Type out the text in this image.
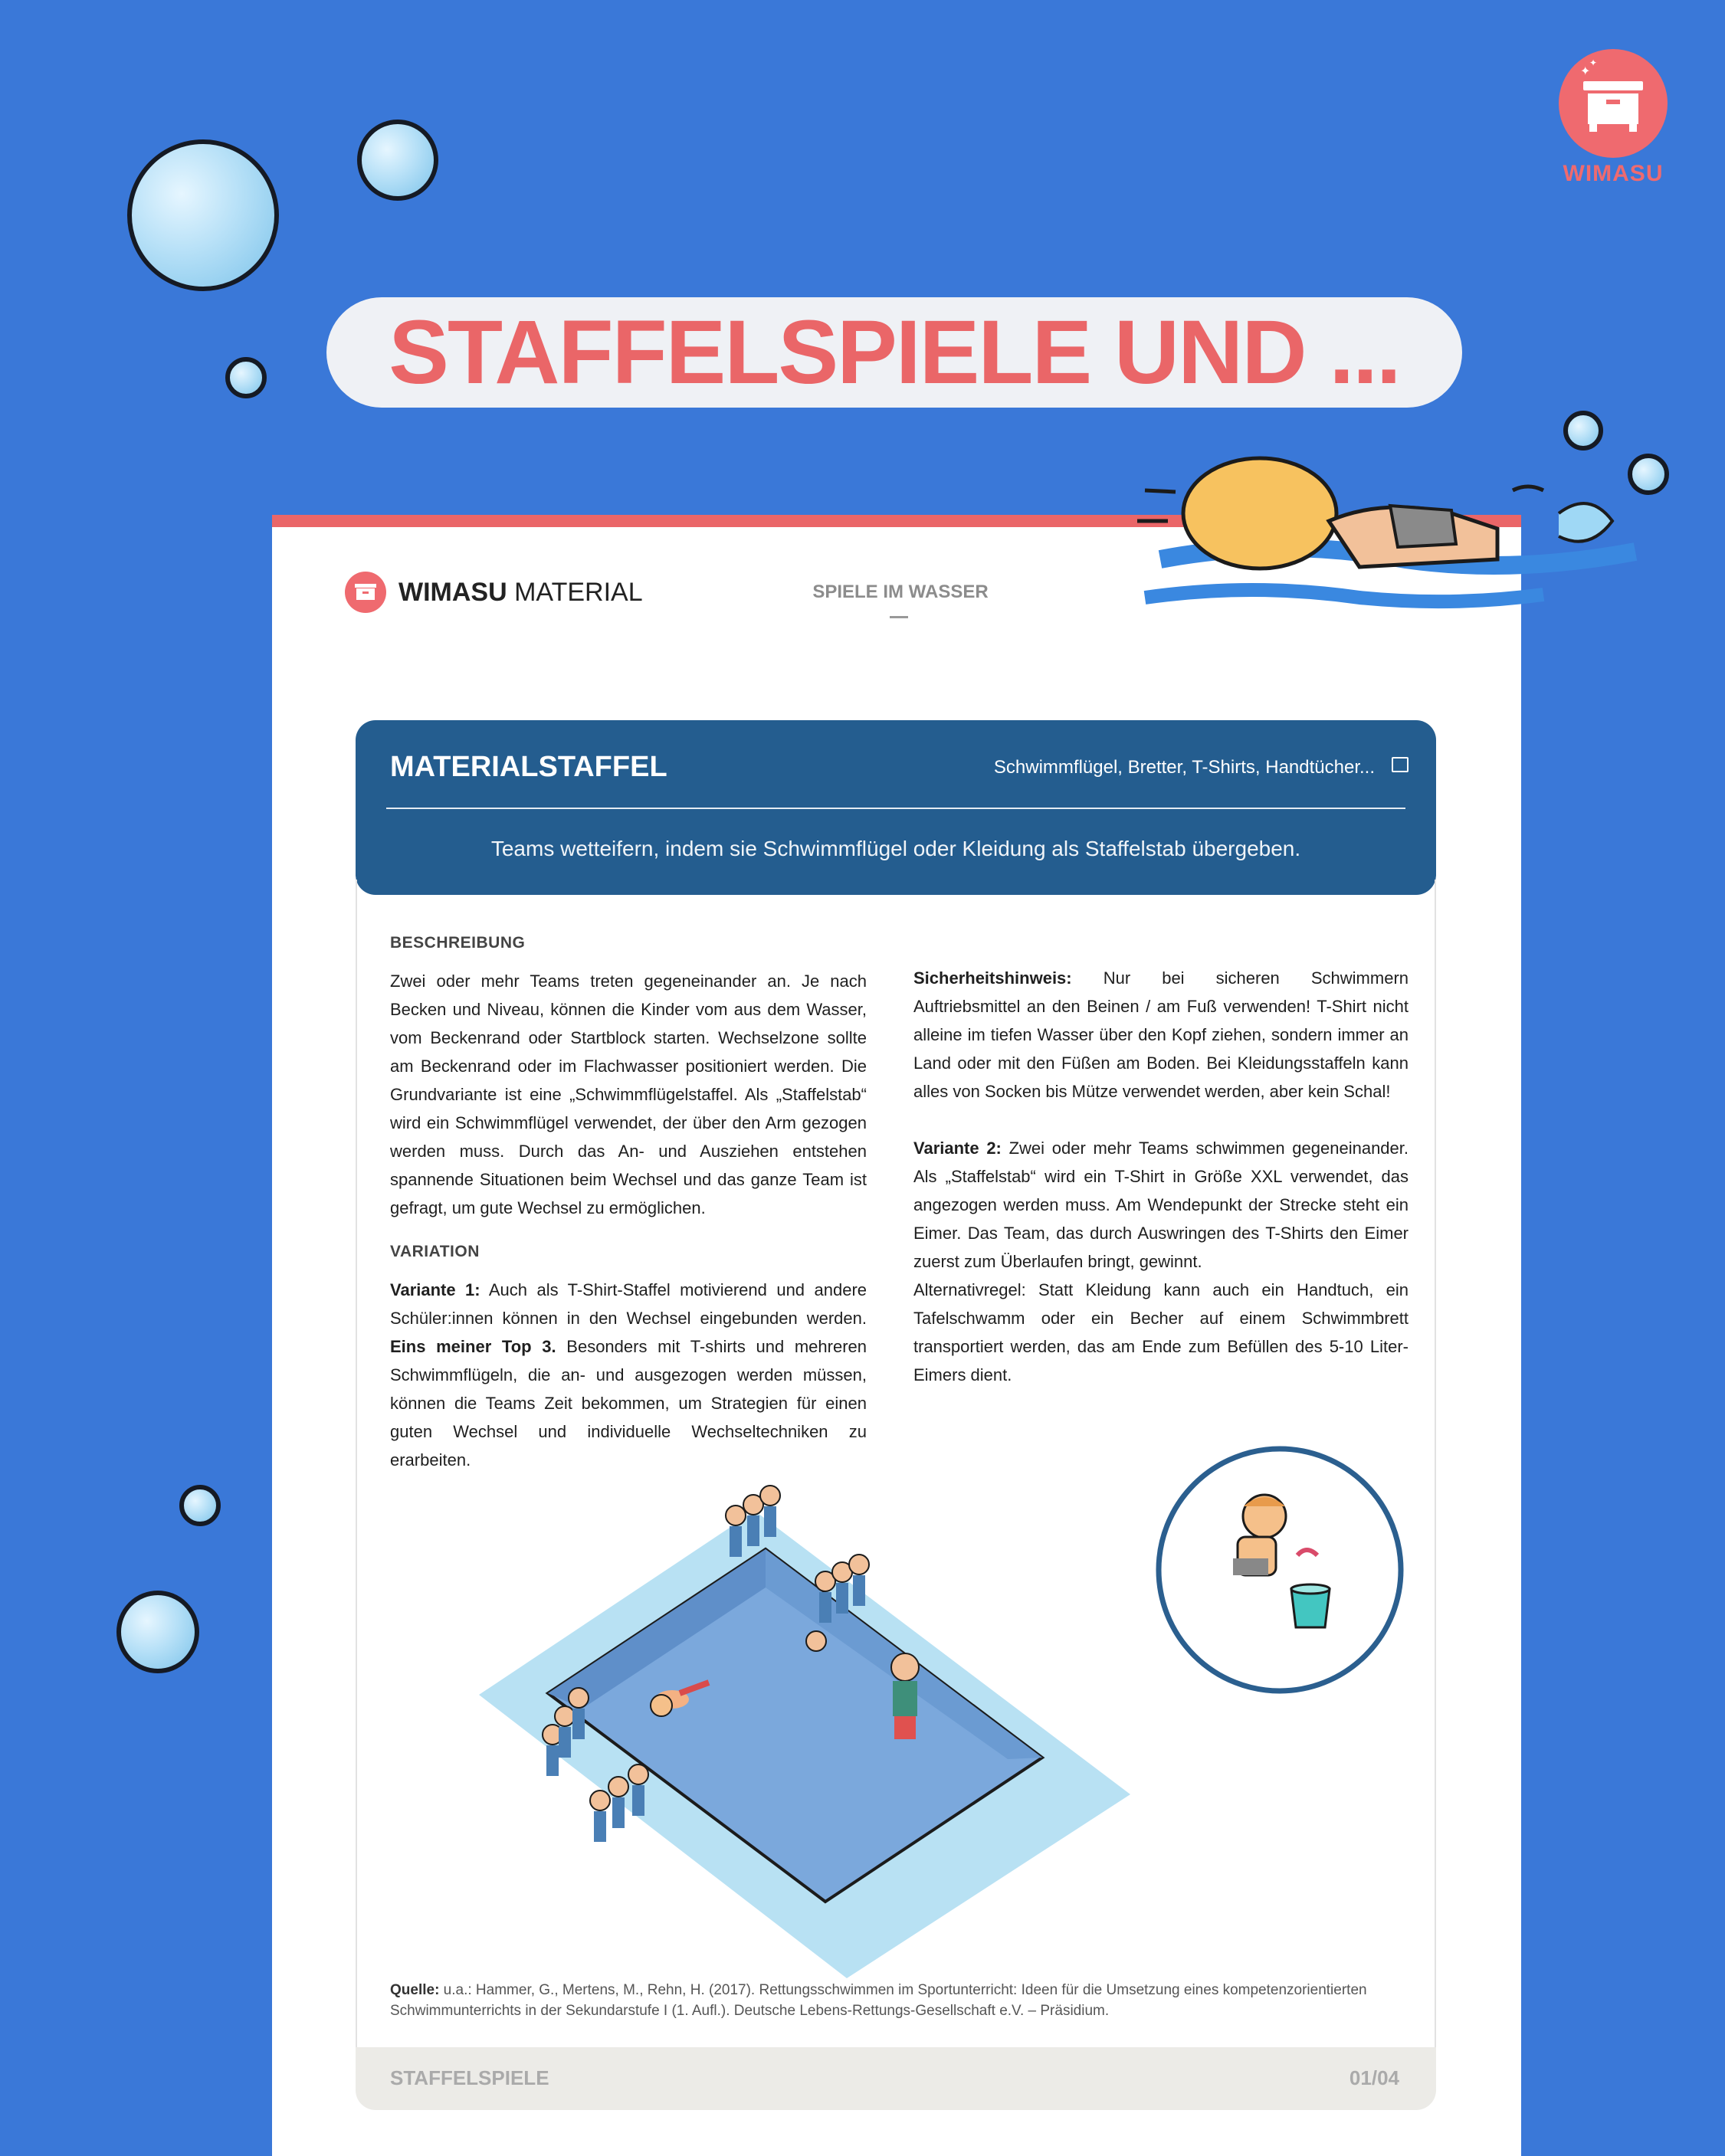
✦
✦
WIMASU
STAFFELSPIELE UND ...
WIMASU MATERIAL	SPIELE IM WASSER
MATERIALSTAFFEL	Schwimmflügel, Bretter, T-Shirts, Handtücher...
Teams wetteifern, indem sie Schwimmflügel oder Kleidung als Staffelstab übergeben.
BESCHREIBUNG

Zwei oder mehr Teams treten gegeneinander an. Je nach Becken und Niveau, können die Kinder vom aus dem Wasser, vom Beckenrand oder Startblock starten. Wechselzone sollte am Beckenrand oder im Flachwasser positioniert werden. Die Grundvariante ist eine „Schwimmflügelstaffel. Als „Staffelstab“ wird ein Schwimmflügel verwendet, der über den Arm gezogen werden muss. Durch das An- und Ausziehen entstehen spannende Situationen beim Wechsel und das ganze Team ist gefragt, um gute Wechsel zu ermöglichen.

VARIATION

Variante 1: Auch als T-Shirt-Staffel motivierend und andere Schüler:innen können in den Wechsel eingebunden werden. Eins meiner Top 3. Besonders mit T-shirts und mehreren Schwimmflügeln, die an- und ausgezogen werden müssen, können die Teams Zeit bekommen, um Strategien für einen guten Wechsel und individuelle Wechseltechniken zu erarbeiten.

Sicherheitshinweis: Nur bei sicheren Schwimmern Auftriebsmittel an den Beinen / am Fuß verwenden! T-Shirt nicht alleine im tiefen Wasser über den Kopf ziehen, sondern immer an Land oder mit den Füßen am Boden. Bei Kleidungsstaffeln kann alles von Socken bis Mütze verwendet werden, aber kein Schal!

Variante 2: Zwei oder mehr Teams schwimmen gegeneinander. Als „Staffelstab“ wird ein T-Shirt in Größe XXL verwendet, das angezogen werden muss. Am Wendepunkt der Strecke steht ein Eimer. Das Team, das durch Auswringen des T-Shirts den Eimer zuerst zum Überlaufen bringt, gewinnt.

Alternativregel: Statt Kleidung kann auch ein Handtuch, ein Tafelschwamm oder ein Becher auf einem Schwimmbrett transportiert werden, das am Ende zum Befüllen des 5-10 Liter-Eimers dient.

Quelle: u.a.: Hammer, G., Mertens, M., Rehn, H. (2017). Rettungsschwimmen im Sportunterricht: Ideen für die Umsetzung eines kompetenzorientierten Schwimmunterrichts in der Sekundarstufe I (1. Aufl.). Deutsche Lebens-Rettungs-Gesellschaft e.V. – Präsidium.
STAFFELSPIELE	01/04
